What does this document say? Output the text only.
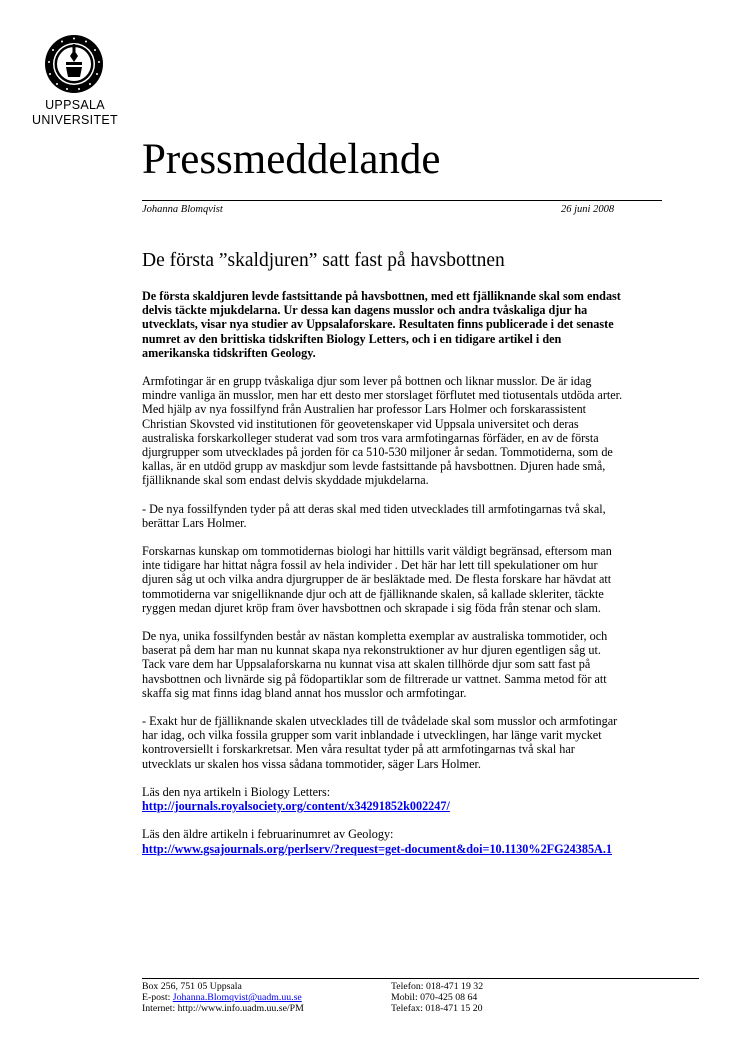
UPPSALA
UNIVERSITET
Pressmeddelande
Johanna Blomqvist	26 juni 2008
De första ”skaldjuren” satt fast på havsbottnen

De första skaldjuren levde fastsittande på havsbottnen, med ett fjälliknande skal som endast
delvis täckte mjukdelarna. Ur dessa kan dagens musslor och andra tvåskaliga djur ha
utvecklats, visar nya studier av Uppsalaforskare. Resultaten finns publicerade i det senaste
numret av den brittiska tidskriften Biology Letters, och i en tidigare artikel i den
amerikanska tidskriften Geology.

Armfotingar är en grupp tvåskaliga djur som lever på bottnen och liknar musslor. De är idag
mindre vanliga än musslor, men har ett desto mer storslaget förflutet med tiotusentals utdöda arter.
Med hjälp av nya fossilfynd från Australien har professor Lars Holmer och forskarassistent
Christian Skovsted vid institutionen för geovetenskaper vid Uppsala universitet och deras
australiska forskarkolleger studerat vad som tros vara armfotingarnas förfäder, en av de första
djurgrupper som utvecklades på jorden för ca 510-530 miljoner år sedan. Tommotiderna, som de
kallas, är en utdöd grupp av maskdjur som levde fastsittande på havsbottnen. Djuren hade små,
fjälliknande skal som endast delvis skyddade mjukdelarna.

- De nya fossilfynden tyder på att deras skal med tiden utvecklades till armfotingarnas två skal,
berättar Lars Holmer.

Forskarnas kunskap om tommotidernas biologi har hittills varit väldigt begränsad, eftersom man
inte tidigare har hittat några fossil av hela individer . Det här har lett till spekulationer om hur
djuren såg ut och vilka andra djurgrupper de är besläktade med. De flesta forskare har hävdat att
tommotiderna var snigelliknande djur och att de fjälliknande skalen, så kallade skleriter, täckte
ryggen medan djuret kröp fram över havsbottnen och skrapade i sig föda från stenar och slam.

De nya, unika fossilfynden består av nästan kompletta exemplar av australiska tommotider, och
baserat på dem har man nu kunnat skapa nya rekonstruktioner av hur djuren egentligen såg ut.
Tack vare dem har Uppsalaforskarna nu kunnat visa att skalen tillhörde djur som satt fast på
havsbottnen och livnärde sig på födopartiklar som de filtrerade ur vattnet. Samma metod för att
skaffa sig mat finns idag bland annat hos musslor och armfotingar.

- Exakt hur de fjälliknande skalen utvecklades till de tvådelade skal som musslor och armfotingar
har idag, och vilka fossila grupper som varit inblandade i utvecklingen, har länge varit mycket
kontroversiellt i forskarkretsar. Men våra resultat tyder på att armfotingarnas två skal har
utvecklats ur skalen hos vissa sådana tommotider, säger Lars Holmer.

Läs den nya artikeln i Biology Letters:
http://journals.royalsociety.org/content/x34291852k002247/

Läs den äldre artikeln i februarinumret av Geology:
http://www.gsajournals.org/perlserv/?request=get-document&doi=10.1130%2FG24385A.1

Box 256, 751 05 Uppsala
E-post: Johanna.Blomqvist@uadm.uu.se
Internet: http://www.info.uadm.uu.se/PM
Telefon: 018-471 19 32
Mobil: 070-425 08 64
Telefax: 018-471 15 20
